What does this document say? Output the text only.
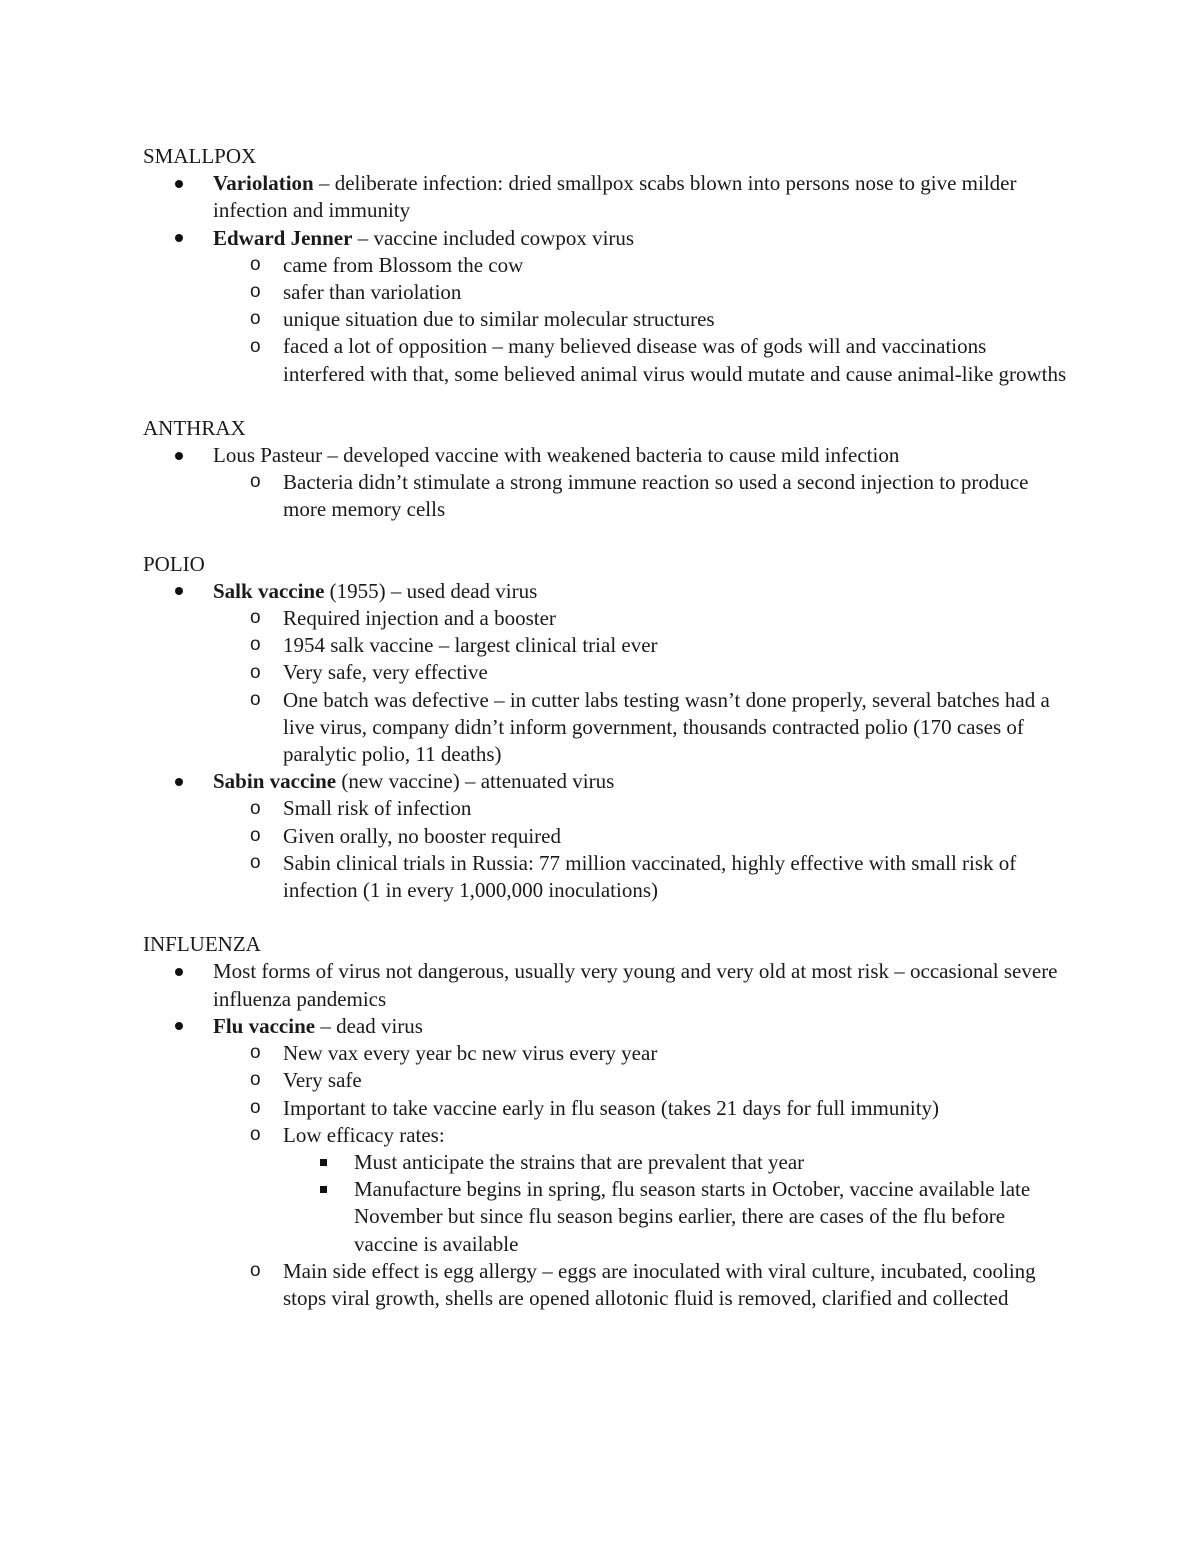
SMALLPOX
Variolation – deliberate infection: dried smallpox scabs blown into persons nose to give milder infection and immunity
Edward Jenner – vaccine included cowpox virus
o came from Blossom the cow
o safer than variolation
o unique situation due to similar molecular structures
o faced a lot of opposition – many believed disease was of gods will and vaccinations interfered with that, some believed animal virus would mutate and cause animal-like growths
ANTHRAX
Lous Pasteur – developed vaccine with weakened bacteria to cause mild infection
o Bacteria didn’t stimulate a strong immune reaction so used a second injection to produce more memory cells
POLIO
Salk vaccine (1955) – used dead virus
o Required injection and a booster
o 1954 salk vaccine – largest clinical trial ever
o Very safe, very effective
o One batch was defective – in cutter labs testing wasn’t done properly, several batches had a live virus, company didn’t inform government, thousands contracted polio (170 cases of paralytic polio, 11 deaths)
Sabin vaccine (new vaccine) – attenuated virus
o Small risk of infection
o Given orally, no booster required
o Sabin clinical trials in Russia: 77 million vaccinated, highly effective with small risk of infection (1 in every 1,000,000 inoculations)
INFLUENZA
Most forms of virus not dangerous, usually very young and very old at most risk – occasional severe influenza pandemics
Flu vaccine – dead virus
o New vax every year bc new virus every year
o Very safe
o Important to take vaccine early in flu season (takes 21 days for full immunity)
o Low efficacy rates:
Must anticipate the strains that are prevalent that year
Manufacture begins in spring, flu season starts in October, vaccine available late November but since flu season begins earlier, there are cases of the flu before vaccine is available
o Main side effect is egg allergy – eggs are inoculated with viral culture, incubated, cooling stops viral growth, shells are opened allotonic fluid is removed, clarified and collected
